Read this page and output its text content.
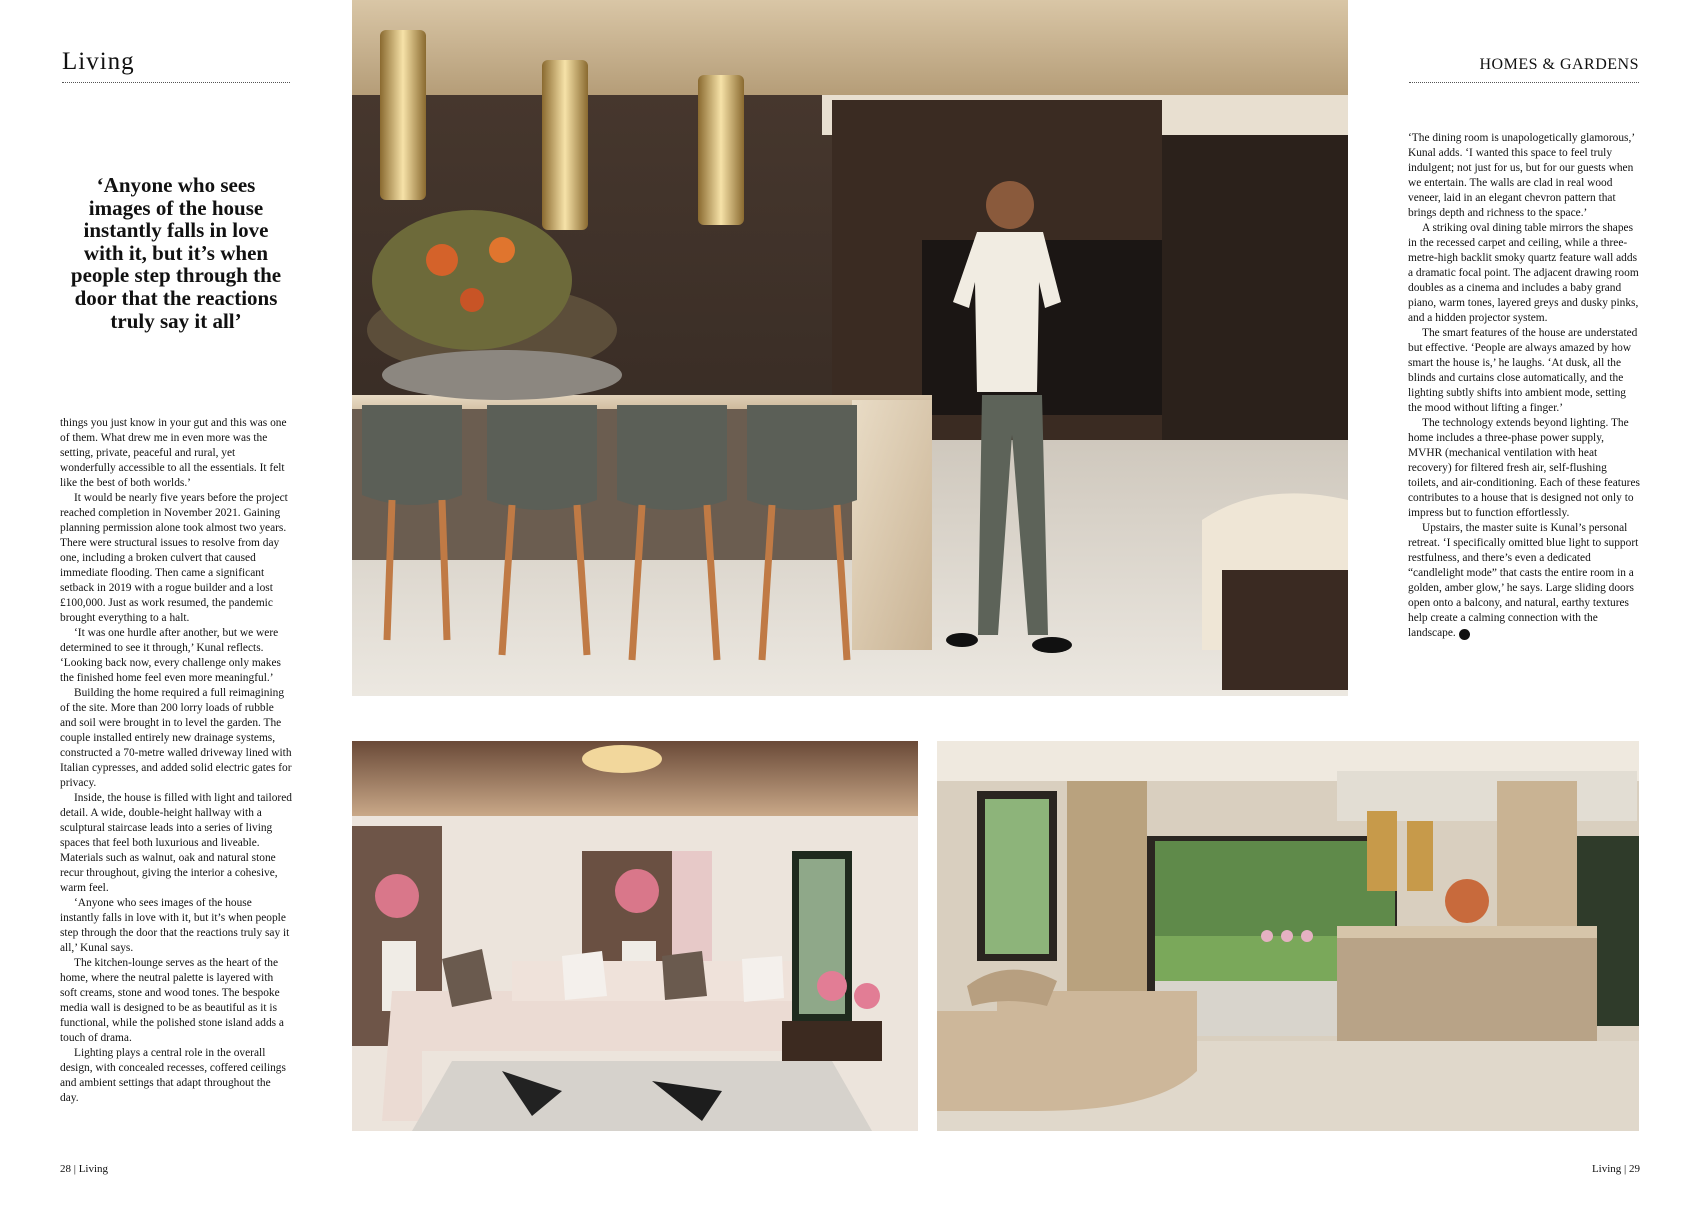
Living	HOMES & GARDENS
‘Anyone who sees images of the house instantly falls in love with it, but it’s when people step through the door that the reactions truly say it all’

things you just know in your gut and this was one of them. What drew me in even more was the setting, private, peaceful and rural, yet wonderfully accessible to all the essentials. It felt like the best of both worlds.’

It would be nearly five years before the project reached completion in November 2021. Gaining planning permission alone took almost two years. There were structural issues to resolve from day one, including a broken culvert that caused immediate flooding. Then came a significant setback in 2019 with a rogue builder and a lost £100,000. Just as work resumed, the pandemic brought everything to a halt.

‘It was one hurdle after another, but we were determined to see it through,’ Kunal reflects. ‘Looking back now, every challenge only makes the finished home feel even more meaningful.’

Building the home required a full reimagining of the site. More than 200 lorry loads of rubble and soil were brought in to level the garden. The couple installed entirely new drainage systems, constructed a 70-metre walled driveway lined with Italian cypresses, and added solid electric gates for privacy.

Inside, the house is filled with light and tailored detail. A wide, double-height hallway with a sculptural staircase leads into a series of living spaces that feel both luxurious and liveable. Materials such as walnut, oak and natural stone recur throughout, giving the interior a cohesive, warm feel.

‘Anyone who sees images of the house instantly falls in love with it, but it’s when people step through the door that the reactions truly say it all,’ Kunal says.

The kitchen-lounge serves as the heart of the home, where the neutral palette is layered with soft creams, stone and wood tones. The bespoke media wall is designed to be as beautiful as it is functional, while the polished stone island adds a touch of drama.

Lighting plays a central role in the overall design, with concealed recesses, coffered ceilings and ambient settings that adapt throughout the day.

‘The dining room is unapologetically glamorous,’ Kunal adds. ‘I wanted this space to feel truly indulgent; not just for us, but for our guests when we entertain. The walls are clad in real wood veneer, laid in an elegant chevron pattern that brings depth and richness to the space.’

A striking oval dining table mirrors the shapes in the recessed carpet and ceiling, while a three-metre-high backlit smoky quartz feature wall adds a dramatic focal point. The adjacent drawing room doubles as a cinema and includes a baby grand piano, warm tones, layered greys and dusky pinks, and a hidden projector system.

The smart features of the house are understated but effective. ‘People are always amazed by how smart the house is,’ he laughs. ‘At dusk, all the blinds and curtains close automatically, and the lighting subtly shifts into ambient mode, setting the mood without lifting a finger.’

The technology extends beyond lighting. The home includes a three-phase power supply, MVHR (mechanical ventilation with heat recovery) for filtered fresh air, self-flushing toilets, and air-conditioning. Each of these features contributes to a house that is designed not only to impress but to function effortlessly.

Upstairs, the master suite is Kunal’s personal retreat. ‘I specifically omitted blue light to support restfulness, and there’s even a dedicated “candlelight mode” that casts the entire room in a golden, amber glow,’ he says. Large sliding doors open onto a balcony, and natural, earthy textures help create a calming connection with the landscape. ➜

28 | Living	Living | 29
